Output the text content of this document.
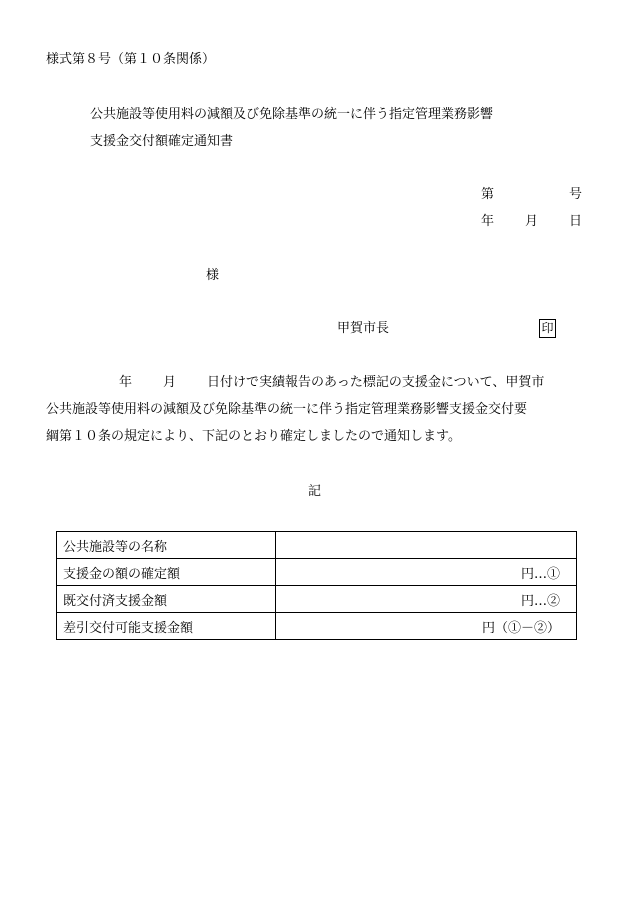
様式第８号（第１０条関係）
公共施設等使用料の減額及び免除基準の統一に伴う指定管理業務影響
支援金交付額確定通知書
第	号
年 月 日
様
甲賀市長	印
年 月 日付けで実績報告のあった標記の支援金について、甲賀市
公共施設等使用料の減額及び免除基準の統一に伴う指定管理業務影響支援金交付要
綱第１０条の規定により、下記のとおり確定しましたので通知します。
記
公共施設等の名称	
支援金の額の確定額	円…①
既交付済支援金額	円…②
差引交付可能支援金額	円（①－②）
